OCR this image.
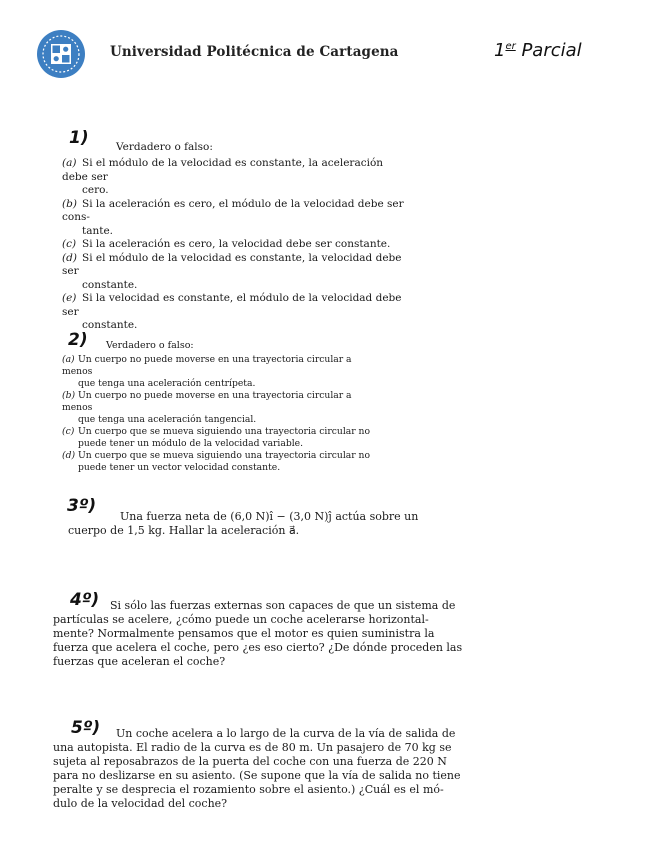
Universidad Politécnica de Cartagena	1er Parcial
1)	Verdadero o falso:
(a) Si el módulo de la velocidad es constante, la aceleración debe ser
cero.
(b) Si la aceleración es cero, el módulo de la velocidad debe ser cons-
tante.
(c) Si la aceleración es cero, la velocidad debe ser constante.
(d) Si el módulo de la velocidad es constante, la velocidad debe ser
constante.
(e) Si la velocidad es constante, el módulo de la velocidad debe ser
constante.
2) Verdadero o falso:
(a) Un cuerpo no puede moverse en una trayectoria circular a menos
que tenga una aceleración centrípeta.
(b) Un cuerpo no puede moverse en una trayectoria circular a menos
que tenga una aceleración tangencial.
(c) Un cuerpo que se mueva siguiendo una trayectoria circular no
puede tener un módulo de la velocidad variable.
(d) Un cuerpo que se mueva siguiendo una trayectoria circular no
puede tener un vector velocidad constante.
3º)
Una fuerza neta de (6,0 N)î − (3,0 N)ĵ actúa sobre un
cuerpo de 1,5 kg. Hallar la aceleración a⃗.
4º) Si sólo las fuerzas externas son capaces de que un sistema de
partículas se acelere, ¿cómo puede un coche acelerarse horizontal-
mente? Normalmente pensamos que el motor es quien suministra la
fuerza que acelera el coche, pero ¿es eso cierto? ¿De dónde proceden las
fuerzas que aceleran el coche?
5º) Un coche acelera a lo largo de la curva de la vía de salida de
una autopista. El radio de la curva es de 80 m. Un pasajero de 70 kg se
sujeta al reposabrazos de la puerta del coche con una fuerza de 220 N
para no deslizarse en su asiento. (Se supone que la vía de salida no tiene
peralte y se desprecia el rozamiento sobre el asiento.) ¿Cuál es el mó-
dulo de la velocidad del coche?
